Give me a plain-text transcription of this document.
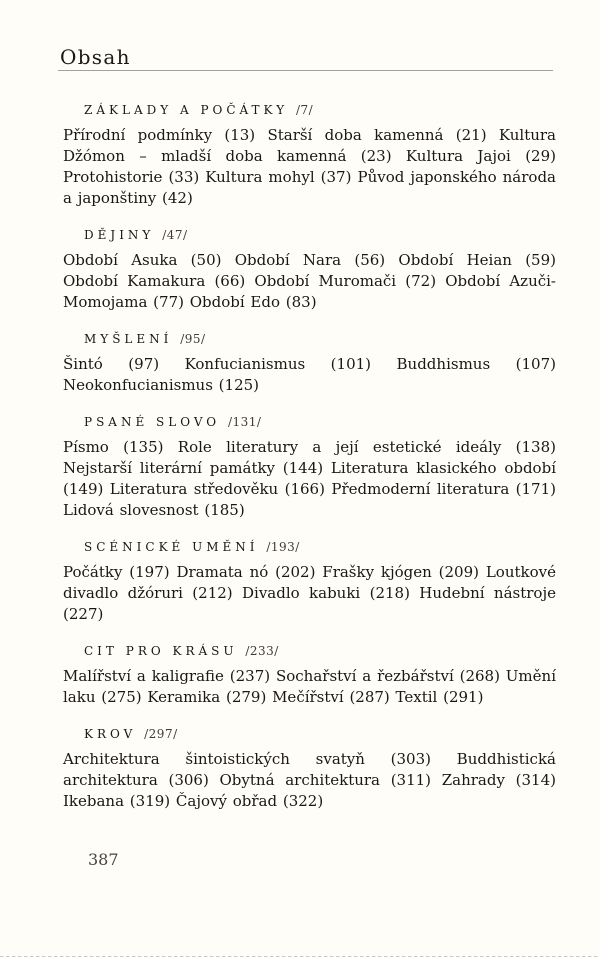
Obsah
ZÁKLADY A POČÁTKY /7/
Přírodní podmínky (13) Starší doba kamenná (21) Kultura Džómon – mladší doba kamenná (23) Kultura Jajoi (29) Protohistorie (33) Kultura mohyl (37) Původ japonského národa a japonštiny (42)
DĚJINY /47/
Období Asuka (50) Období Nara (56) Období Heian (59) Období Kamakura (66) Období Muromači (72) Období Azuči-Momojama (77) Období Edo (83)
MYŠLENÍ /95/
Šintó (97) Konfucianismus (101) Buddhismus (107) Neokonfucianismus (125)
PSANÉ SLOVO /131/
Písmo (135) Role literatury a její estetické ideály (138) Nejstarší literární památky (144) Literatura klasického období (149) Literatura středověku (166) Předmoderní literatura (171) Lidová slovesnost (185)
SCÉNICKÉ UMĚNÍ /193/
Počátky (197) Dramata nó (202) Frašky kjógen (209) Loutkové divadlo džóruri (212) Divadlo kabuki (218) Hudební nástroje (227)
CIT PRO KRÁSU /233/
Malířství a kaligrafie (237) Sochařství a řezbářství (268) Umění laku (275) Keramika (279) Mečířství (287) Textil (291)
KROV /297/
Architektura šintoistických svatyň (303) Buddhistická architektura (306) Obytná architektura (311) Zahrady (314) Ikebana (319) Čajový obřad (322)
387
